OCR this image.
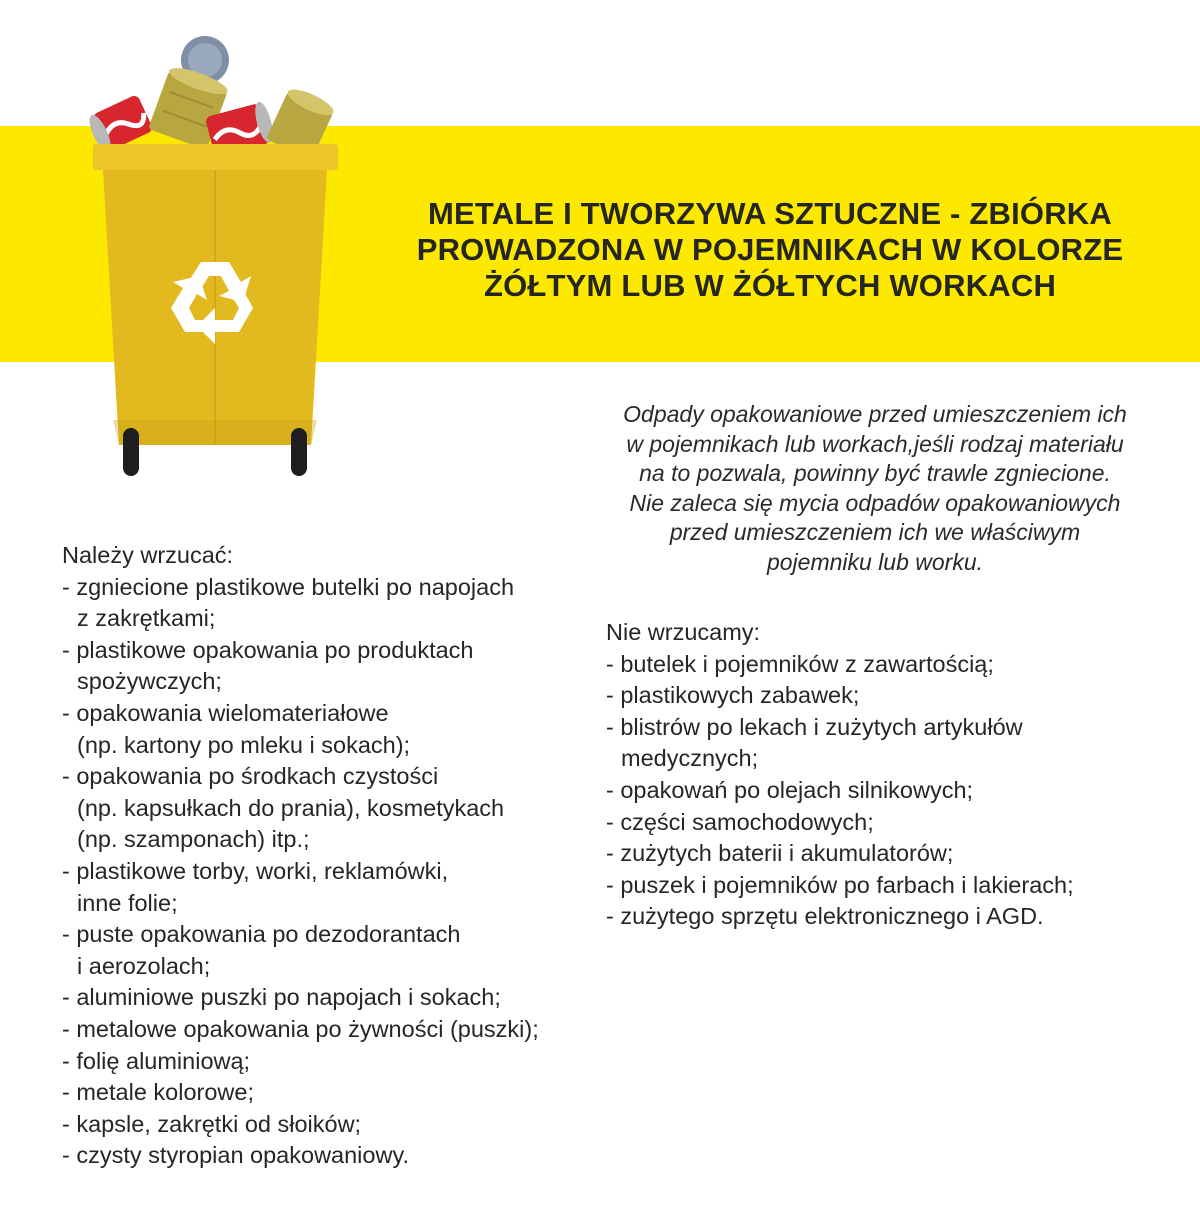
METALE I TWORZYWA SZTUCZNE - ZBIÓRKA
PROWADZONA W POJEMNIKACH W KOLORZE
ŻÓŁTYM LUB W ŻÓŁTYCH WORKACH
Odpady opakowaniowe przed umieszczeniem ich
w pojemnikach lub workach,jeśli rodzaj materiału
na to pozwala, powinny być trawle zgniecione.
Nie zaleca się mycia odpadów opakowaniowych
przed umieszczeniem ich we właściwym
pojemniku lub worku.
Należy wrzucać:
- zgniecione plastikowe butelki po napojach
z zakrętkami;
- plastikowe opakowania po produktach
spożywczych;
- opakowania wielomateriałowe
(np. kartony po mleku i sokach);
- opakowania po środkach czystości
(np. kapsułkach do prania), kosmetykach
(np. szamponach) itp.;
- plastikowe torby, worki, reklamówki,
inne folie;
- puste opakowania po dezodorantach
i aerozolach;
- aluminiowe puszki po napojach i sokach;
- metalowe opakowania po żywności (puszki);
- folię aluminiową;
- metale kolorowe;
- kapsle, zakrętki od słoików;
- czysty styropian opakowaniowy.
Nie wrzucamy:
- butelek i pojemników z zawartością;
- plastikowych zabawek;
- blistrów po lekach i zużytych artykułów
medycznych;
- opakowań po olejach silnikowych;
- części samochodowych;
- zużytych baterii i akumulatorów;
- puszek i pojemników po farbach i lakierach;
- zużytego sprzętu elektronicznego i AGD.
